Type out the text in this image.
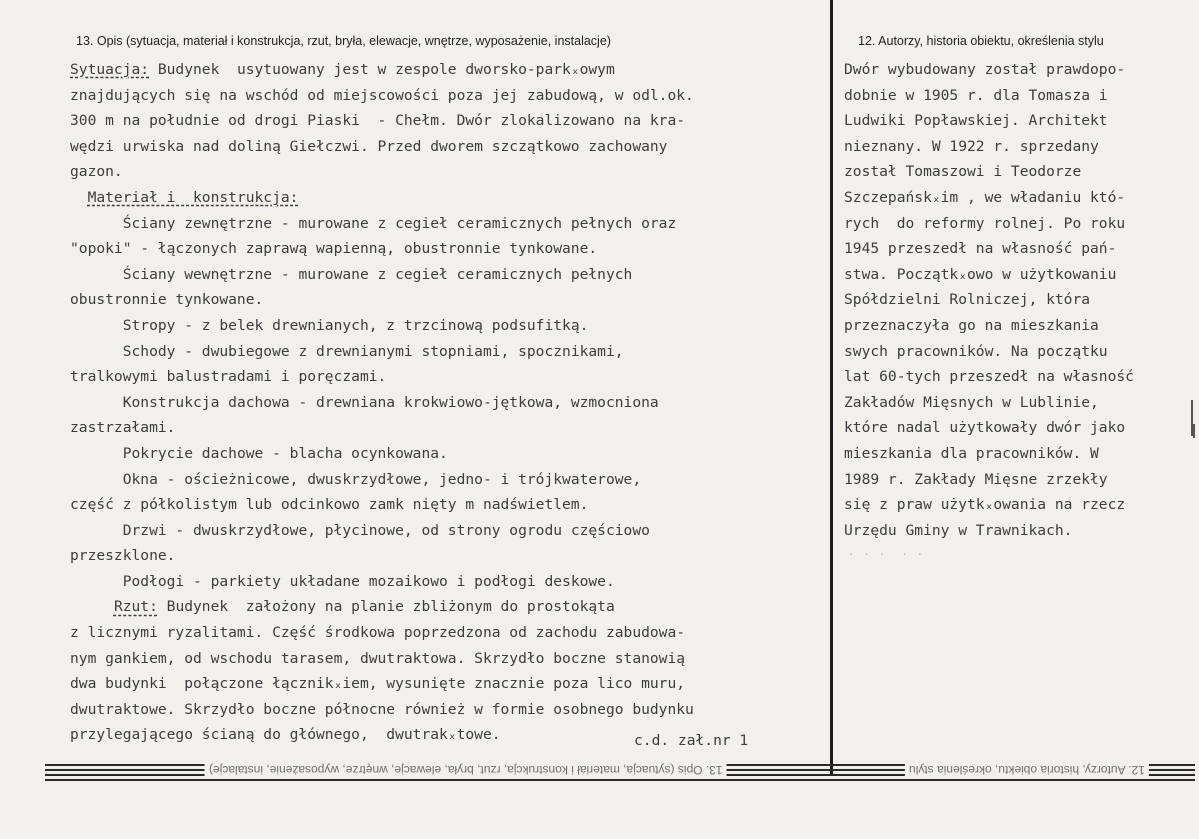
13. Opis (sytuacja, materiał i konstrukcja, rzut, bryła, elewacje, wnętrze, wyposażenie, instalacje)	12. Autorzy, historia obiektu, określenia stylu
Sytuacja: Budynek  usytuowany jest w zespole dworsko-parkₓowym
znajdujących się na wschód od miejscowości poza jej zabudową, w odl.ok.
300 m na południe od drogi Piaski  - Chełm. Dwór zlokalizowano na kra-
wędzi urwiska nad doliną Giełczwi. Przed dworem szczątkowo zachowany
gazon.
Materiał i  konstrukcja:
Ściany zewnętrzne - murowane z cegieł ceramicznych pełnych oraz
"opoki" - łączonych zaprawą wapienną, obustronnie tynkowane.
Ściany wewnętrzne - murowane z cegieł ceramicznych pełnych
obustronnie tynkowane.
Stropy - z belek drewnianych, z trzcinową podsufitką.
Schody - dwubiegowe z drewnianymi stopniami, spocznikami,
tralkowymi balustradami i poręczami.
Konstrukcja dachowa - drewniana krokwiowo-jętkowa, wzmocniona
zastrzałami.
Pokrycie dachowe - blacha ocynkowana.
Okna - ościeżnicowe, dwuskrzydłowe, jedno- i trójkwaterowe,
część z półkolistym lub odcinkowo zamk nięty m nadświetlem.
Drzwi - dwuskrzydłowe, płycinowe, od strony ogrodu częściowo
przeszklone.
Podłogi - parkiety układane mozaikowo i podłogi deskowe.
Rzut: Budynek  założony na planie zbliżonym do prostokąta
z licznymi ryzalitami. Część środkowa poprzedzona od zachodu zabudowa-
nym gankiem, od wschodu tarasem, dwutraktowa. Skrzydło boczne stanowią
dwa budynki  połączone łącznikₓiem, wysunięte znacznie poza lico muru,
dwutraktowe. Skrzydło boczne północne również w formie osobnego budynku
przylegającego ścianą do głównego,  dwutrakₓtowe.	c.d. zał.nr 1
Dwór wybudowany został prawdopo-
dobnie w 1905 r. dla Tomasza i
Ludwiki Popławskiej. Architekt
nieznany. W 1922 r. sprzedany
został Tomaszowi i Teodorze
Szczepańskₓim , we władaniu któ-
rych  do reformy rolnej. Po roku
1945 przeszedł na własność pań-
stwa. Początkₓowo w użytkowaniu
Spółdzielni Rolniczej, która
przeznaczyła go na mieszkania
swych pracowników. Na początku
lat 60-tych przeszedł na własność
Zakładów Mięsnych w Lublinie,
które nadal użytkowały dwór jako
mieszkania dla pracowników. W
1989 r. Zakłady Mięsne zrzekły
się z praw użytkₓowania na rzecz
Urzędu Gminy w Trawnikach.
· · ·  · ·
13. Opis (sytuacja, materiał i konstrukcja, rzut, bryła, elewacje, wnętrze, wyposażenie, instalacje)	12. Autorzy, historia obiektu, określenia stylu
